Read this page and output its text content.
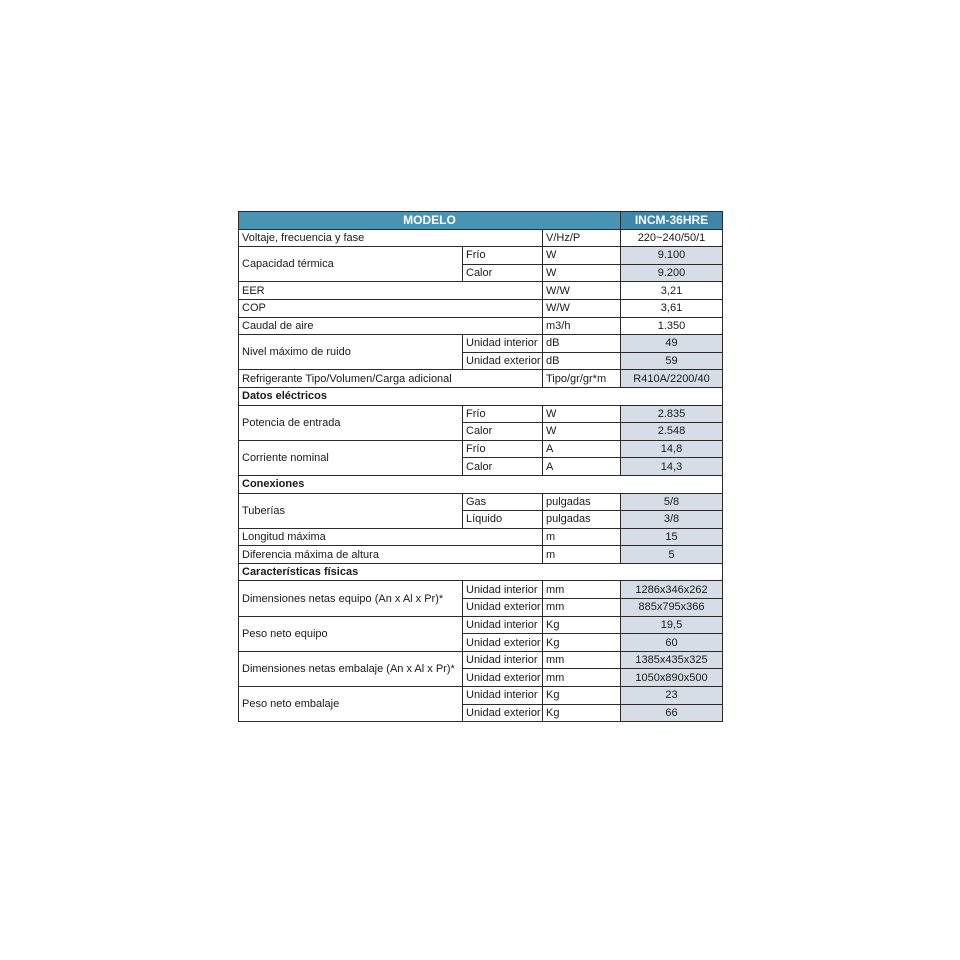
MODELO			INCM-36HRE
Voltaje, frecuencia y fase		V/Hz/P	220~240/50/1
Capacidad térmica	Frío	W	9.100
	Calor	W	9.200
EER		W/W	3,21
COP		W/W	3,61
Caudal de aire		m3/h	1.350
Nivel máximo de ruido	Unidad interior	dB	49
	Unidad exterior	dB	59
Refrigerante Tipo/Volumen/Carga adicional		Tipo/gr/gr*m	R410A/2200/40
Datos eléctricos			
Potencia de entrada	Frío	W	2.835
	Calor	W	2.548
Corriente nominal	Frío	A	14,8
	Calor	A	14,3
Conexiones			
Tuberías	Gas	pulgadas	5/8
	Líquido	pulgadas	3/8
Longitud máxima		m	15
Diferencia máxima de altura		m	5
Características físicas			
Dimensiones netas equipo (An x Al x Pr)*	Unidad interior	mm	1286x346x262
	Unidad exterior	mm	885x795x366
Peso neto equipo	Unidad interior	Kg	19,5
	Unidad exterior	Kg	60
Dimensiones netas embalaje (An x Al x Pr)*	Unidad interior	mm	1385x435x325
	Unidad exterior	mm	1050x890x500
Peso neto embalaje	Unidad interior	Kg	23
	Unidad exterior	Kg	66
